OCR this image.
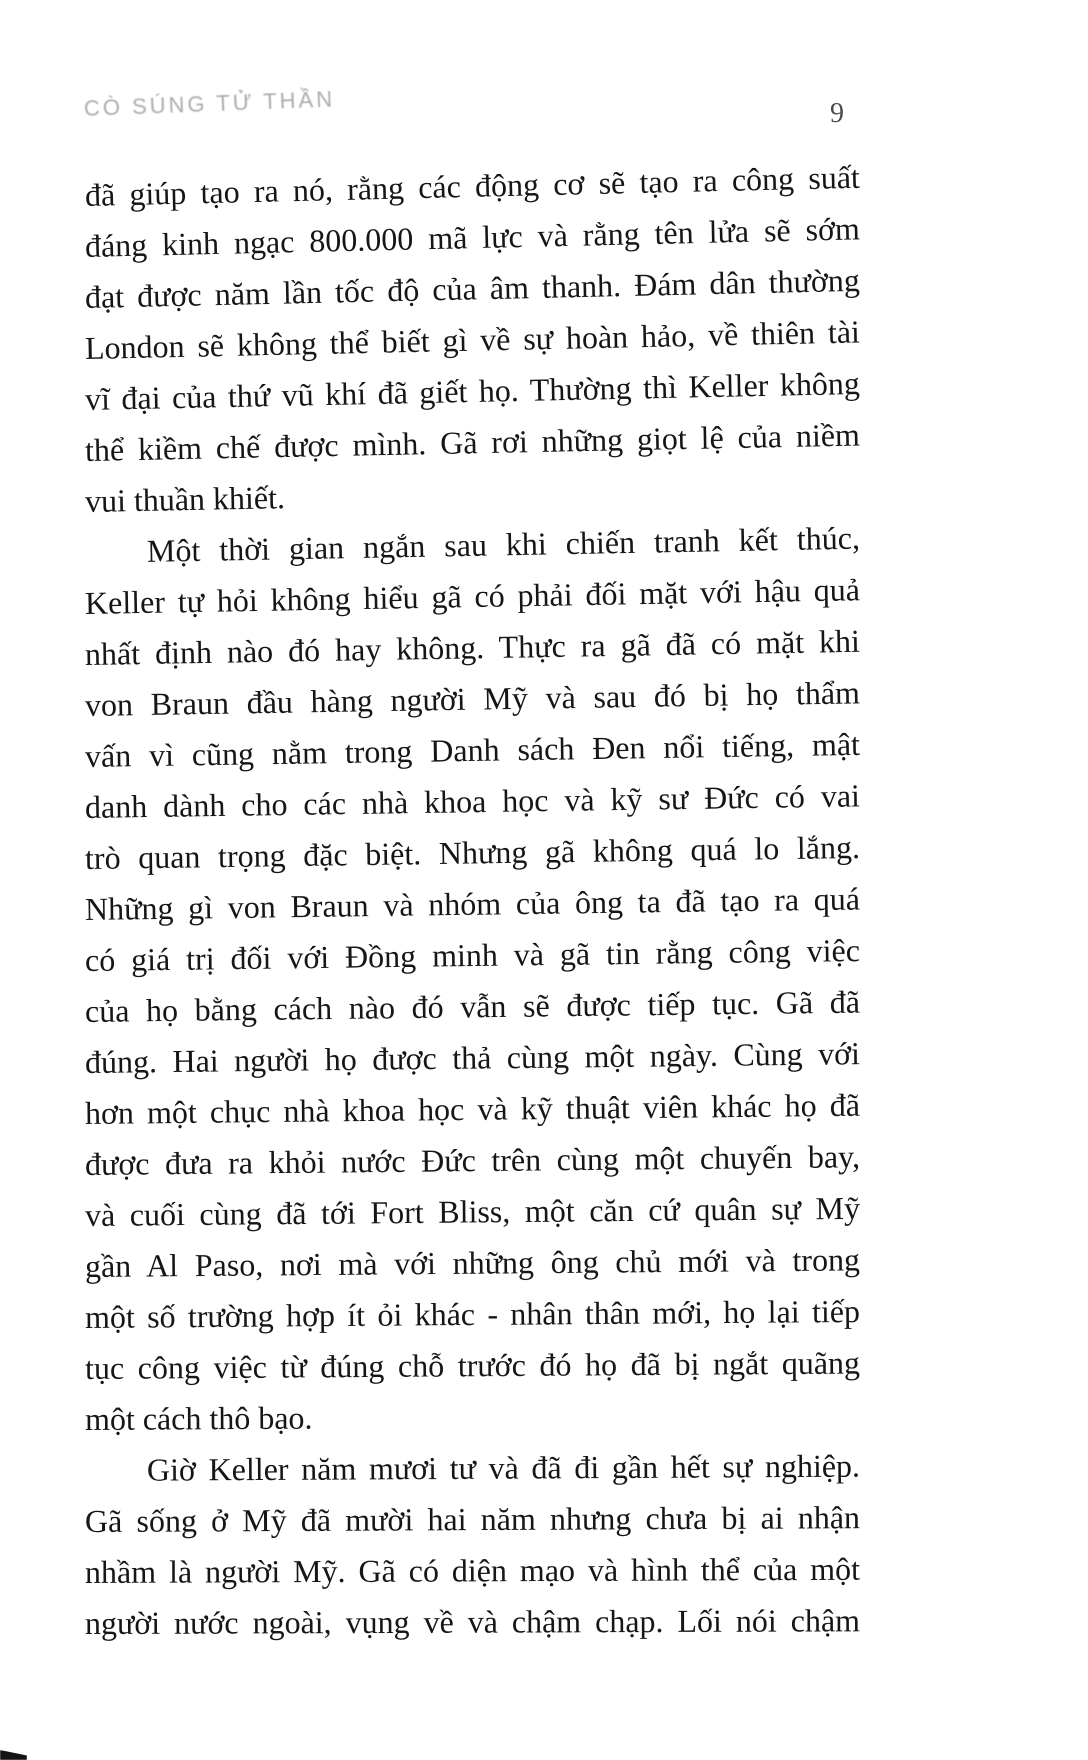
CÒ SÚNG TỬ THẦN	9
đã giúp tạo ra nó, rằng các động cơ sẽ tạo ra công suất
đáng kinh ngạc 800.000 mã lực và rằng tên lửa sẽ sớm
đạt được năm lần tốc độ của âm thanh. Đám dân thường
London sẽ không thể biết gì về sự hoàn hảo, về thiên tài
vĩ đại của thứ vũ khí đã giết họ. Thường thì Keller không
thể kiềm chế được mình. Gã rơi những giọt lệ của niềm
vui thuần khiết.
Một thời gian ngắn sau khi chiến tranh kết thúc,
Keller tự hỏi không hiểu gã có phải đối mặt với hậu quả
nhất định nào đó hay không. Thực ra gã đã có mặt khi
von Braun đầu hàng người Mỹ và sau đó bị họ thẩm
vấn vì cũng nằm trong Danh sách Đen nổi tiếng, mật
danh dành cho các nhà khoa học và kỹ sư Đức có vai
trò quan trọng đặc biệt. Nhưng gã không quá lo lắng.
Những gì von Braun và nhóm của ông ta đã tạo ra quá
có giá trị đối với Đồng minh và gã tin rằng công việc
của họ bằng cách nào đó vẫn sẽ được tiếp tục. Gã đã
đúng. Hai người họ được thả cùng một ngày. Cùng với
hơn một chục nhà khoa học và kỹ thuật viên khác họ đã
được đưa ra khỏi nước Đức trên cùng một chuyến bay,
và cuối cùng đã tới Fort Bliss, một căn cứ quân sự Mỹ
gần Al Paso, nơi mà với những ông chủ mới và trong
một số trường hợp ít ỏi khác - nhân thân mới, họ lại tiếp
tục công việc từ đúng chỗ trước đó họ đã bị ngắt quãng
một cách thô bạo.
Giờ Keller năm mươi tư và đã đi gần hết sự nghiệp.
Gã sống ở Mỹ đã mười hai năm nhưng chưa bị ai nhận
nhầm là người Mỹ. Gã có diện mạo và hình thể của một
người nước ngoài, vụng về và chậm chạp. Lối nói chậm
